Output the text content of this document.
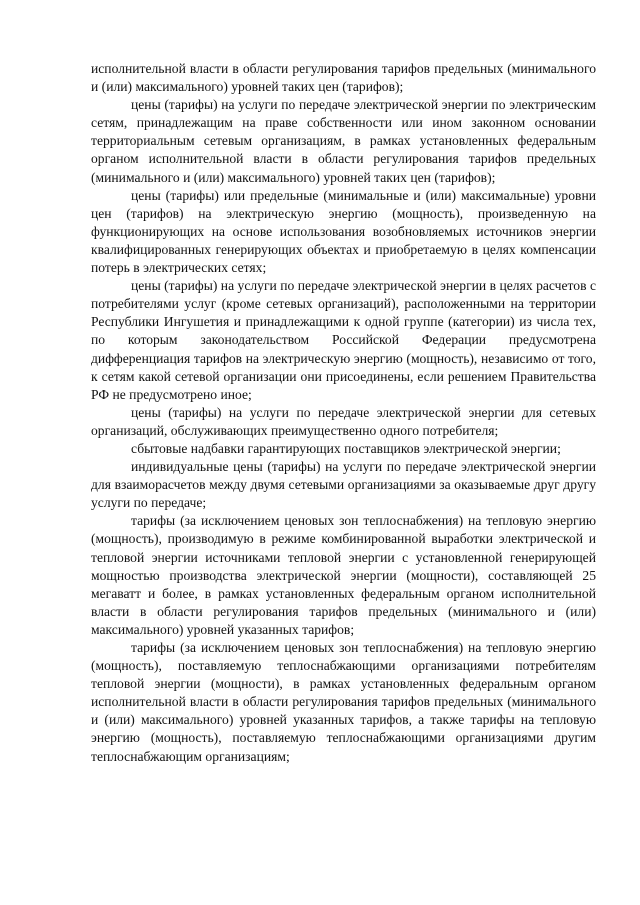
исполнительной власти в области регулирования тарифов предельных (минимального и (или) максимального) уровней таких цен (тарифов);

цены (тарифы) на услуги по передаче электрической энергии по электрическим сетям, принадлежащим на праве собственности или ином законном основании территориальным сетевым организациям, в рамках установленных федеральным органом исполнительной власти в области регулирования тарифов предельных (минимального и (или) максимального) уровней таких цен (тарифов);

цены (тарифы) или предельные (минимальные и (или) максимальные) уровни цен (тарифов) на электрическую энергию (мощность), произведенную на функционирующих на основе использования возобновляемых источников энергии квалифицированных генерирующих объектах и приобретаемую в целях компенсации потерь в электрических сетях;

цены (тарифы) на услуги по передаче электрической энергии в целях расчетов с потребителями услуг (кроме сетевых организаций), расположенными на территории Республики Ингушетия и принадлежащими к одной группе (категории) из числа тех, по которым законодательством Российской Федерации предусмотрена дифференциация тарифов на электрическую энергию (мощность), независимо от того, к сетям какой сетевой организации они присоединены, если решением Правительства РФ не предусмотрено иное;

цены (тарифы) на услуги по передаче электрической энергии для сетевых организаций, обслуживающих преимущественно одного потребителя;

сбытовые надбавки гарантирующих поставщиков электрической энергии;

индивидуальные цены (тарифы) на услуги по передаче электрической энергии для взаиморасчетов между двумя сетевыми организациями за оказываемые друг другу услуги по передаче;

тарифы (за исключением ценовых зон теплоснабжения) на тепловую энергию (мощность), производимую в режиме комбинированной выработки электрической и тепловой энергии источниками тепловой энергии с установленной генерирующей мощностью производства электрической энергии (мощности), составляющей 25 мегаватт и более, в рамках установленных федеральным органом исполнительной власти в области регулирования тарифов предельных (минимального и (или) максимального) уровней указанных тарифов;

тарифы (за исключением ценовых зон теплоснабжения) на тепловую энергию (мощность), поставляемую теплоснабжающими организациями потребителям тепловой энергии (мощности), в рамках установленных федеральным органом исполнительной власти в области регулирования тарифов предельных (минимального и (или) максимального) уровней указанных тарифов, а также тарифы на тепловую энергию (мощность), поставляемую теплоснабжающими организациями другим теплоснабжающим организациям;
